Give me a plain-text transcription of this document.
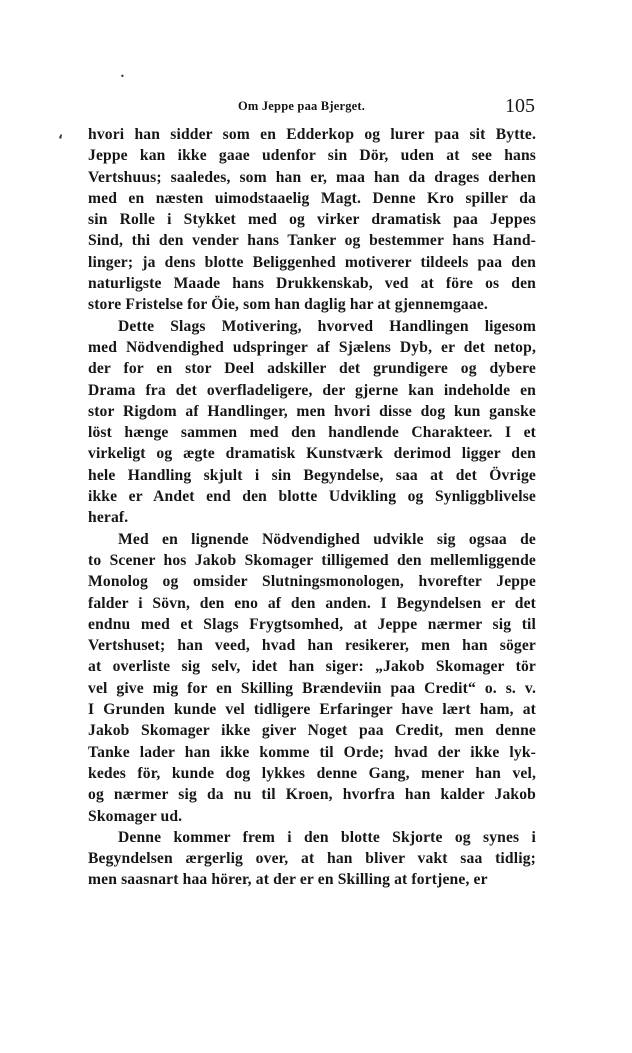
•
ʻ
Om Jeppe paa Bjerget.	105
hvori han sidder som en Edderkop og lurer paa sit Bytte.
Jeppe kan ikke gaae udenfor sin Dör, uden at see hans
Vertshuus; saaledes, som han er, maa han da drages derhen
med en næsten uimodstaaelig Magt. Denne Kro spiller da
sin Rolle i Stykket med og virker dramatisk paa Jeppes
Sind, thi den vender hans Tanker og bestemmer hans Hand-
linger; ja dens blotte Beliggenhed motiverer tildeels paa den
naturligste Maade hans Drukkenskab, ved at före os den
store Fristelse for Öie, som han daglig har at gjennemgaae.
Dette Slags Motivering, hvorved Handlingen ligesom
med Nödvendighed udspringer af Sjælens Dyb, er det netop,
der for en stor Deel adskiller det grundigere og dybere
Drama fra det overfladeligere, der gjerne kan indeholde en
stor Rigdom af Handlinger, men hvori disse dog kun ganske
löst hænge sammen med den handlende Charakteer. I et
virkeligt og ægte dramatisk Kunstværk derimod ligger den
hele Handling skjult i sin Begyndelse, saa at det Övrige
ikke er Andet end den blotte Udvikling og Synliggblivelse
heraf.
Med en lignende Nödvendighed udvikle sig ogsaa de
to Scener hos Jakob Skomager tilligemed den mellemliggende
Monolog og omsider Slutningsmonologen, hvorefter Jeppe
falder i Sövn, den eno af den anden. I Begyndelsen er det
endnu med et Slags Frygtsomhed, at Jeppe nærmer sig til
Vertshuset; han veed, hvad han resikerer, men han söger
at overliste sig selv, idet han siger: „Jakob Skomager tör
vel give mig for en Skilling Brændeviin paa Credit“ o. s. v.
I Grunden kunde vel tidligere Erfaringer have lært ham, at
Jakob Skomager ikke giver Noget paa Credit, men denne
Tanke lader han ikke komme til Orde; hvad der ikke lyk-
kedes för, kunde dog lykkes denne Gang, mener han vel,
og nærmer sig da nu til Kroen, hvorfra han kalder Jakob
Skomager ud.
Denne kommer frem i den blotte Skjorte og synes i
Begyndelsen ærgerlig over, at han bliver vakt saa tidlig;
men saasnart haa hörer, at der er en Skilling at fortjene, er
